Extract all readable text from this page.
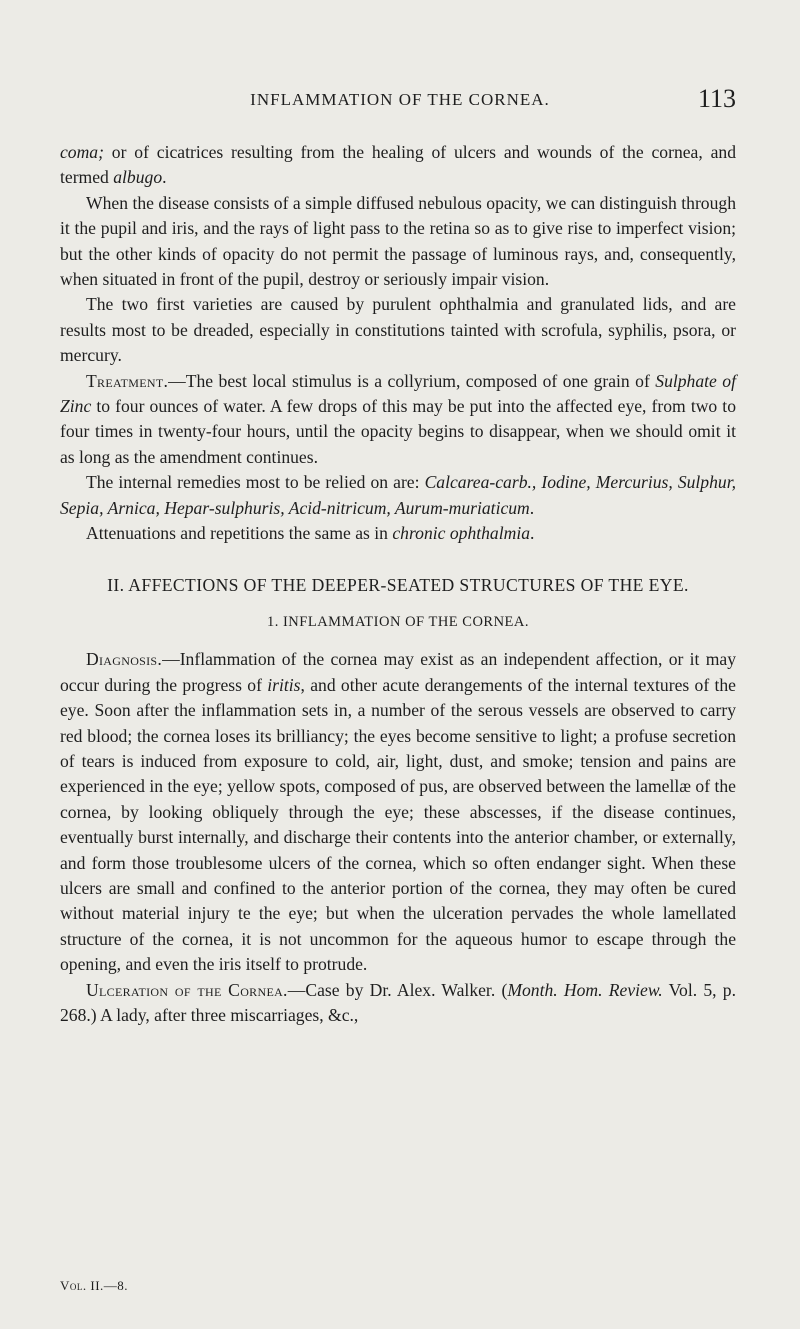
INFLAMMATION OF THE CORNEA.	113

coma; or of cicatrices resulting from the healing of ulcers and wounds of the cornea, and termed albugo.

When the disease consists of a simple diffused nebulous opacity, we can distinguish through it the pupil and iris, and the rays of light pass to the retina so as to give rise to imperfect vision; but the other kinds of opacity do not permit the passage of luminous rays, and, consequently, when situated in front of the pupil, destroy or seriously impair vision.

The two first varieties are caused by purulent ophthalmia and granulated lids, and are results most to be dreaded, especially in constitutions tainted with scrofula, syphilis, psora, or mercury.

Treatment.—The best local stimulus is a collyrium, composed of one grain of Sulphate of Zinc to four ounces of water. A few drops of this may be put into the affected eye, from two to four times in twenty-four hours, until the opacity begins to disappear, when we should omit it as long as the amendment continues.

The internal remedies most to be relied on are: Calcarea-carb., Iodine, Mercurius, Sulphur, Sepia, Arnica, Hepar-sulphuris, Acid-nitricum, Aurum-muriaticum.

Attenuations and repetitions the same as in chronic ophthalmia.

II. AFFECTIONS OF THE DEEPER-SEATED STRUCTURES OF THE EYE.
1. INFLAMMATION OF THE CORNEA.

Diagnosis.—Inflammation of the cornea may exist as an independent affection, or it may occur during the progress of iritis, and other acute derangements of the internal textures of the eye. Soon after the inflammation sets in, a number of the serous vessels are observed to carry red blood; the cornea loses its brilliancy; the eyes become sensitive to light; a profuse secretion of tears is induced from exposure to cold, air, light, dust, and smoke; tension and pains are experienced in the eye; yellow spots, composed of pus, are observed between the lamellæ of the cornea, by looking obliquely through the eye; these abscesses, if the disease continues, eventually burst internally, and discharge their contents into the anterior chamber, or externally, and form those troublesome ulcers of the cornea, which so often endanger sight. When these ulcers are small and confined to the anterior portion of the cornea, they may often be cured without material injury te the eye; but when the ulceration pervades the whole lamellated structure of the cornea, it is not uncommon for the aqueous humor to escape through the opening, and even the iris itself to protrude.

Ulceration of the Cornea.—Case by Dr. Alex. Walker. (Month. Hom. Review. Vol. 5, p. 268.) A lady, after three miscarriages, &c.,

Vol. II.—8.
